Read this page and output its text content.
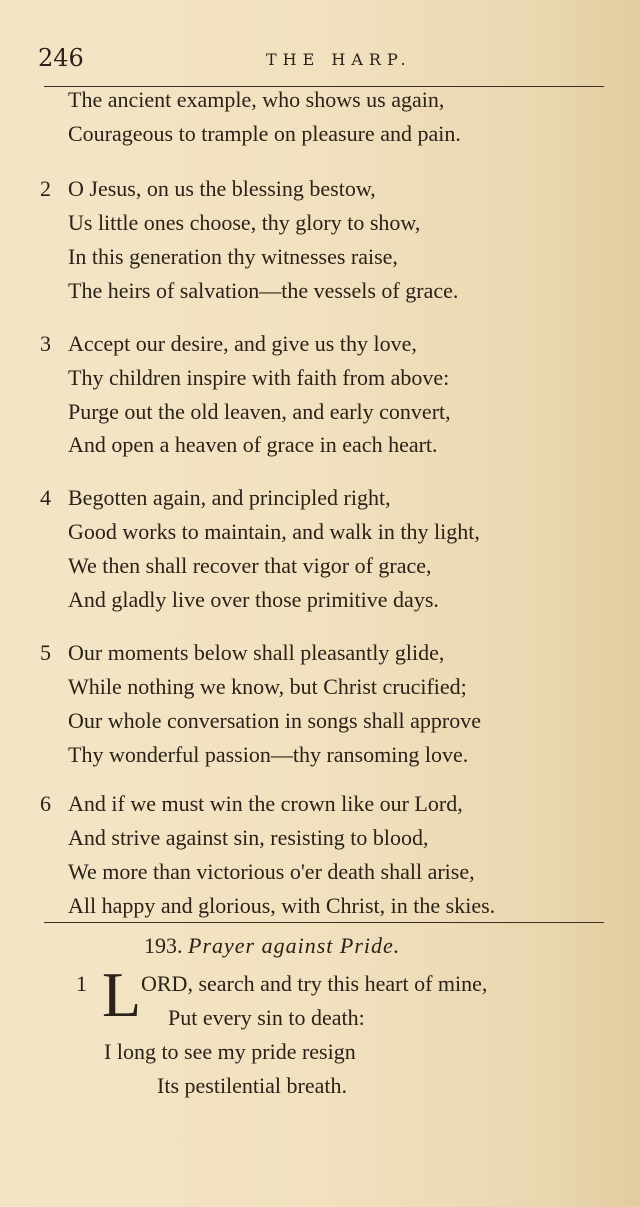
246	THE HARP.
The ancient example, who shows us again,
Courageous to trample on pleasure and pain.
2 O Jesus, on us the blessing bestow,
Us little ones choose, thy glory to show,
In this generation thy witnesses raise,
The heirs of salvation—the vessels of grace.
3 Accept our desire, and give us thy love,
Thy children inspire with faith from above:
Purge out the old leaven, and early convert,
And open a heaven of grace in each heart.
4 Begotten again, and principled right,
Good works to maintain, and walk in thy light,
We then shall recover that vigor of grace,
And gladly live over those primitive days.
5 Our moments below shall pleasantly glide,
While nothing we know, but Christ crucified;
Our whole conversation in songs shall approve
Thy wonderful passion—thy ransoming love.
6 And if we must win the crown like our Lord,
And strive against sin, resisting to blood,
We more than victorious o'er death shall arise,
All happy and glorious, with Christ, in the skies.
193. Prayer against Pride.
1 L ORD, search and try this heart of mine,
Put every sin to death:
I long to see my pride resign
Its pestilential breath.
